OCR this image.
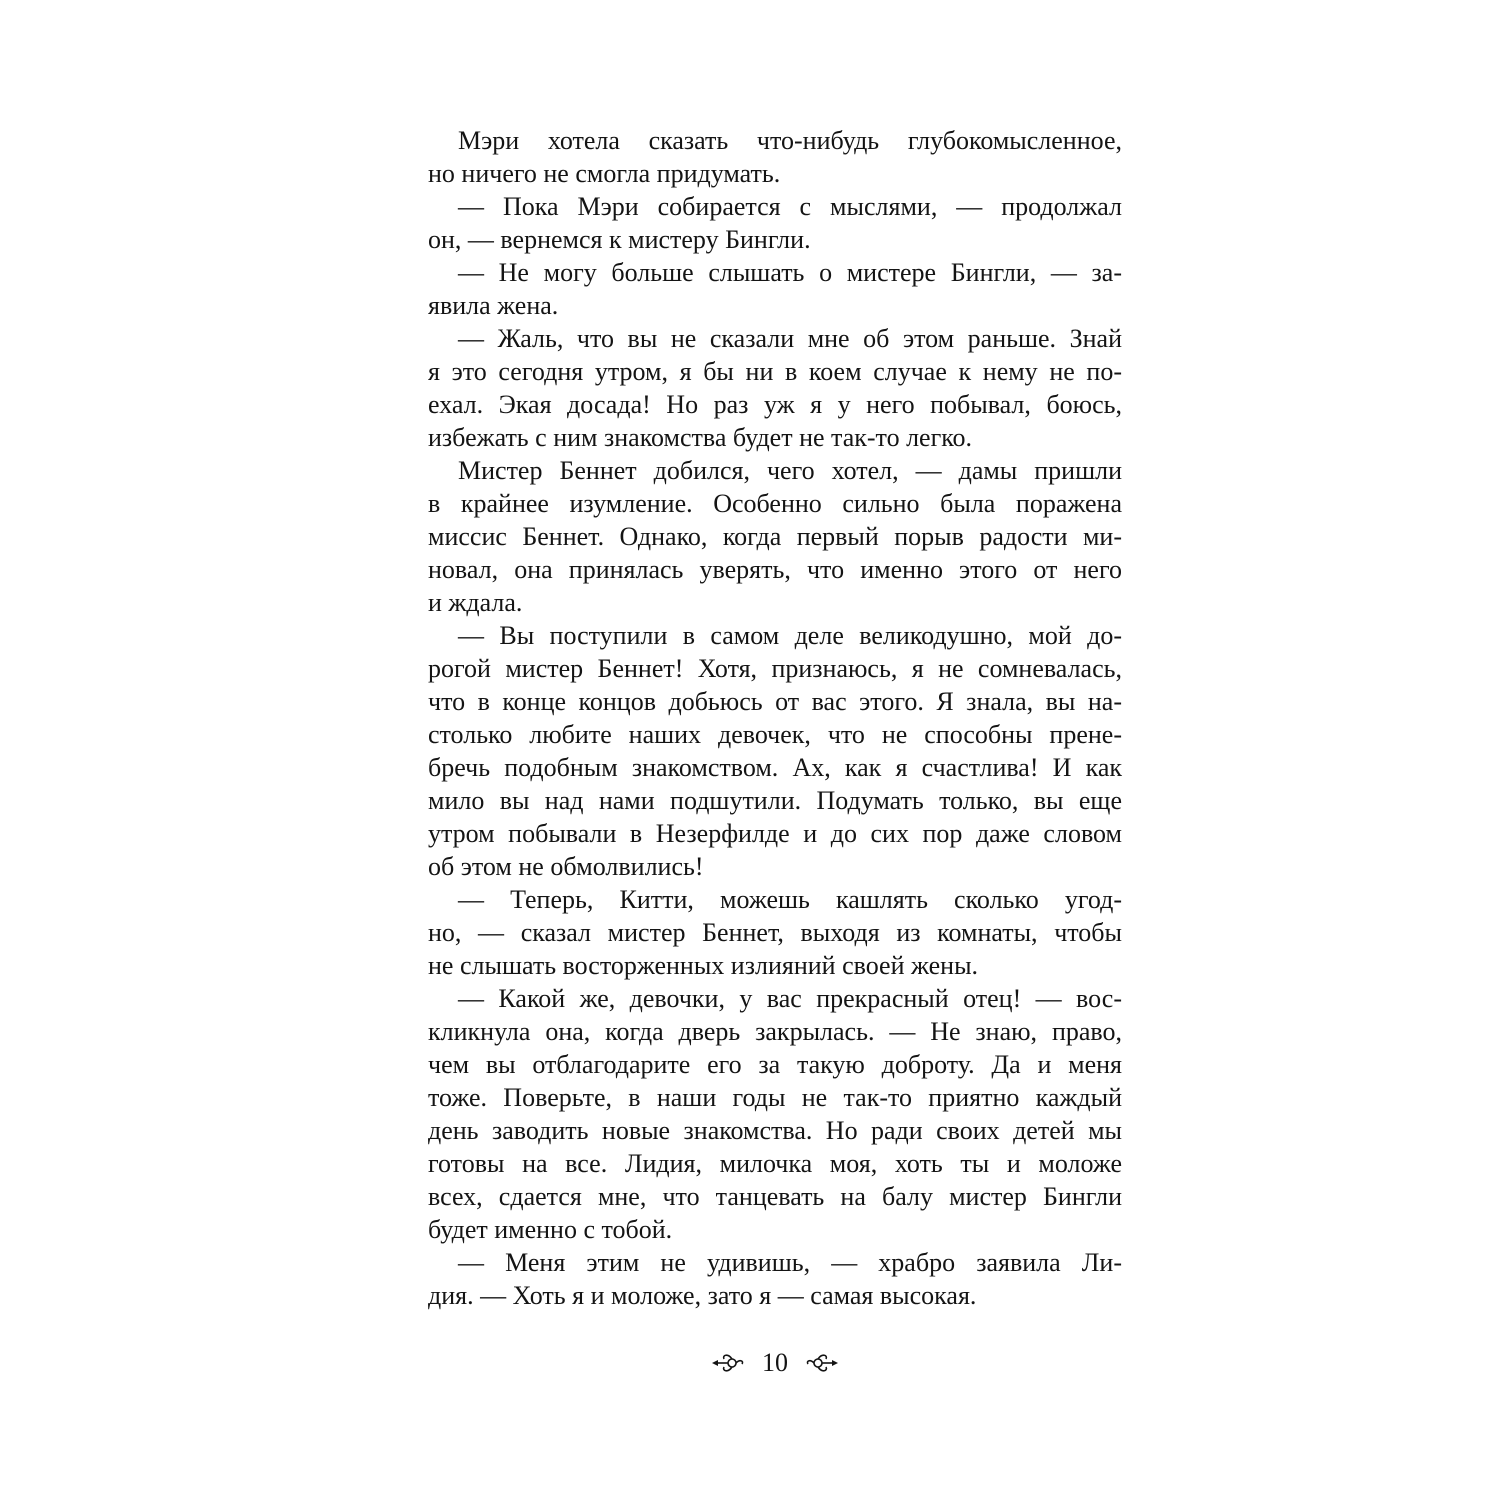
Мэри хотела сказать что-нибудь глубокомысленное,
но ничего не смогла придумать.
— Пока Мэри собирается с мыслями, — продолжал
он, — вернемся к мистеру Бингли.
— Не могу больше слышать о мистере Бингли, — за-
явила жена.
— Жаль, что вы не сказали мне об этом раньше. Знай
я это сегодня утром, я бы ни в коем случае к нему не по-
ехал. Экая досада! Но раз уж я у него побывал, боюсь,
избежать с ним знакомства будет не так-то легко.
Мистер Беннет добился, чего хотел, — дамы пришли
в крайнее изумление. Особенно сильно была поражена
миссис Беннет. Однако, когда первый порыв радости ми-
новал, она принялась уверять, что именно этого от него
и ждала.
— Вы поступили в самом деле великодушно, мой до-
рогой мистер Беннет! Хотя, признаюсь, я не сомневалась,
что в конце концов добьюсь от вас этого. Я знала, вы на-
столько любите наших девочек, что не способны прене-
бречь подобным знакомством. Ах, как я счастлива! И как
мило вы над нами подшутили. Подумать только, вы еще
утром побывали в Незерфилде и до сих пор даже словом
об этом не обмолвились!
— Теперь, Китти, можешь кашлять сколько угод-
но, — сказал мистер Беннет, выходя из комнаты, чтобы
не слышать восторженных излияний своей жены.
— Какой же, девочки, у вас прекрасный отец! — вос-
кликнула она, когда дверь закрылась. — Не знаю, право,
чем вы отблагодарите его за такую доброту. Да и меня
тоже. Поверьте, в наши годы не так-то приятно каждый
день заводить новые знакомства. Но ради своих детей мы
готовы на все. Лидия, милочка моя, хоть ты и моложе
всех, сдается мне, что танцевать на балу мистер Бингли
будет именно с тобой.
— Меня этим не удивишь, — храбро заявила Ли-
дия. — Хоть я и моложе, зато я — самая высокая.
10
